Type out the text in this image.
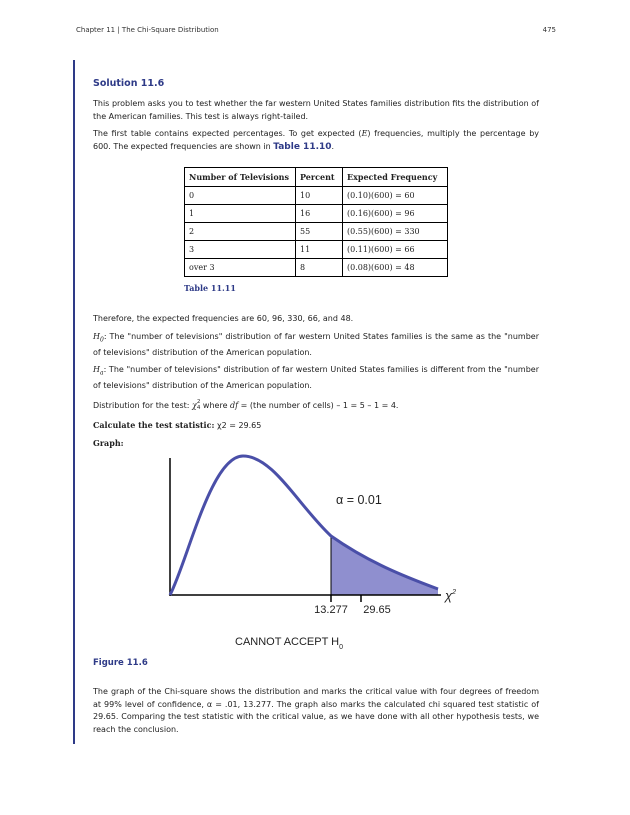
Chapter 11 | The Chi-Square Distribution	475
Solution 11.6

This problem asks you to test whether the far western United States families distribution fits the distribution of the American families. This test is always right-tailed.

The first table contains expected percentages. To get expected (E) frequencies, multiply the percentage by 600. The expected frequencies are shown in Table 11.10.

Number of Televisions	Percent	Expected Frequency
0	10	(0.10)(600) = 60
1	16	(0.16)(600) = 96
2	55	(0.55)(600) = 330
3	11	(0.11)(600) = 66
over 3	8	(0.08)(600) = 48
Table 11.11

Therefore, the expected frequencies are 60, 96, 330, 66, and 48.

$H_0$: The "number of televisions" distribution of far western United States families is the same as the "number of televisions" distribution of the American population.

$H_a$: The "number of televisions" distribution of far western United States families is different from the "number of televisions" distribution of the American population.

Distribution for the test: χ 2
4 where df = (the number of cells) – 1 = 5 – 1 = 4.

Calculate the test statistic: χ2 = 29.65

Graph:

α = 0.01
$\chi^2$
13.277 29.65
CANNOT ACCEPT $H_0$
Figure 11.6

The graph of the Chi-square shows the distribution and marks the critical value with four degrees of freedom at 99% level of confidence, α = .01, 13.277. The graph also marks the calculated chi squared test statistic of 29.65. Comparing the test statistic with the critical value, as we have done with all other hypothesis tests, we reach the conclusion.
